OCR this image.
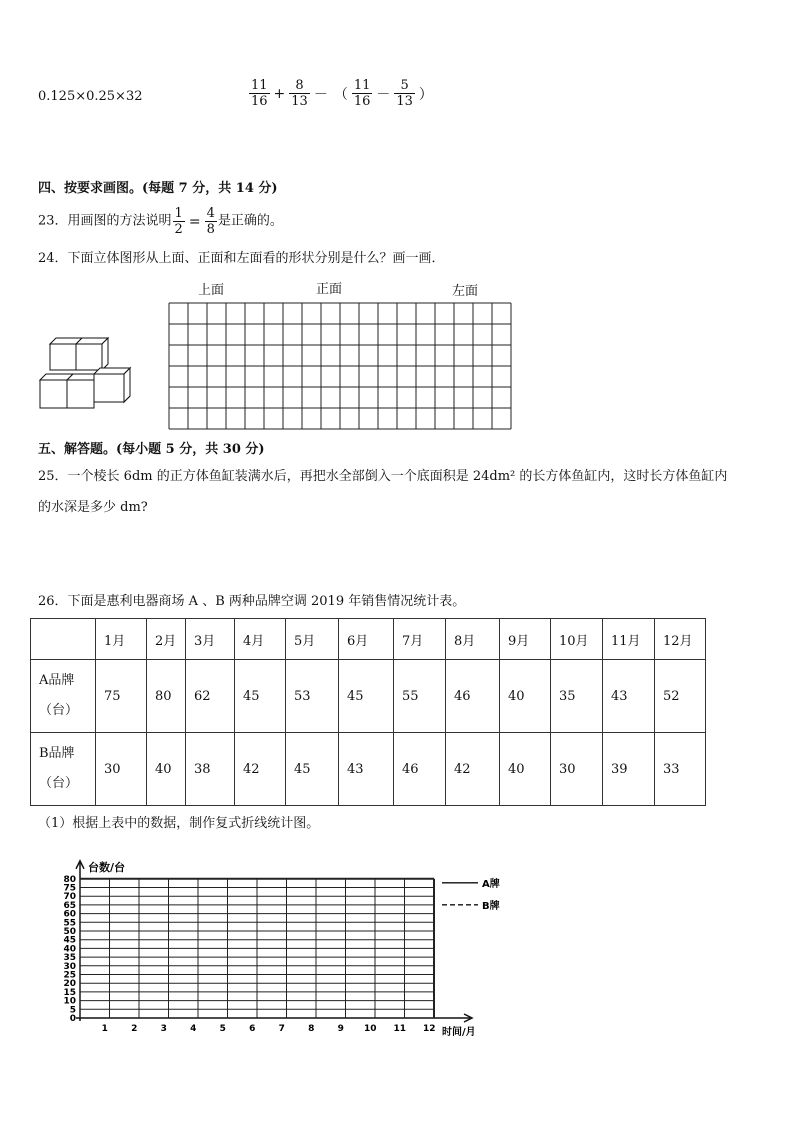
0.125×0.25×32	$\frac{11}{16} + \frac{8}{13}$ － （ $\frac{11}{16} - \frac{5}{13}$ ）
四、按要求画图。(每题 7 分，共 14 分)
23．用画图的方法说明 $\frac{1}{2} = \frac{4}{8}$ 是正确的。
24．下面立体图形从上面、正面和左面看的形状分别是什么？画一画．
上面	正面	左面
五、解答题。(每小题 5 分，共 30 分)
25．一个棱长 6dm 的正方体鱼缸装满水后，再把水全部倒入一个底面积是 24dm² 的长方体鱼缸内，这时长方体鱼缸内
的水深是多少 dm?
26．下面是惠利电器商场 A 、B 两种品牌空调 2019 年销售情况统计表。
	1月	2月	3月	4月	5月	6月	7月	8月	9月	10月	11月	12月

A品牌
（台）	75	80	62	45	53	45	55	46	40	35	43	52

B品牌
（台）	30	40	38	42	45	43	46	42	40	30	39	33
（1）根据上表中的数据，制作复式折线统计图。
0
5
10
15
20
25
30
35
40
45
50
55
60
65
70
75
80
1	2	3	4	5	6	7	8	9 10 11 12
台数/台
时间/月
A牌
B牌
